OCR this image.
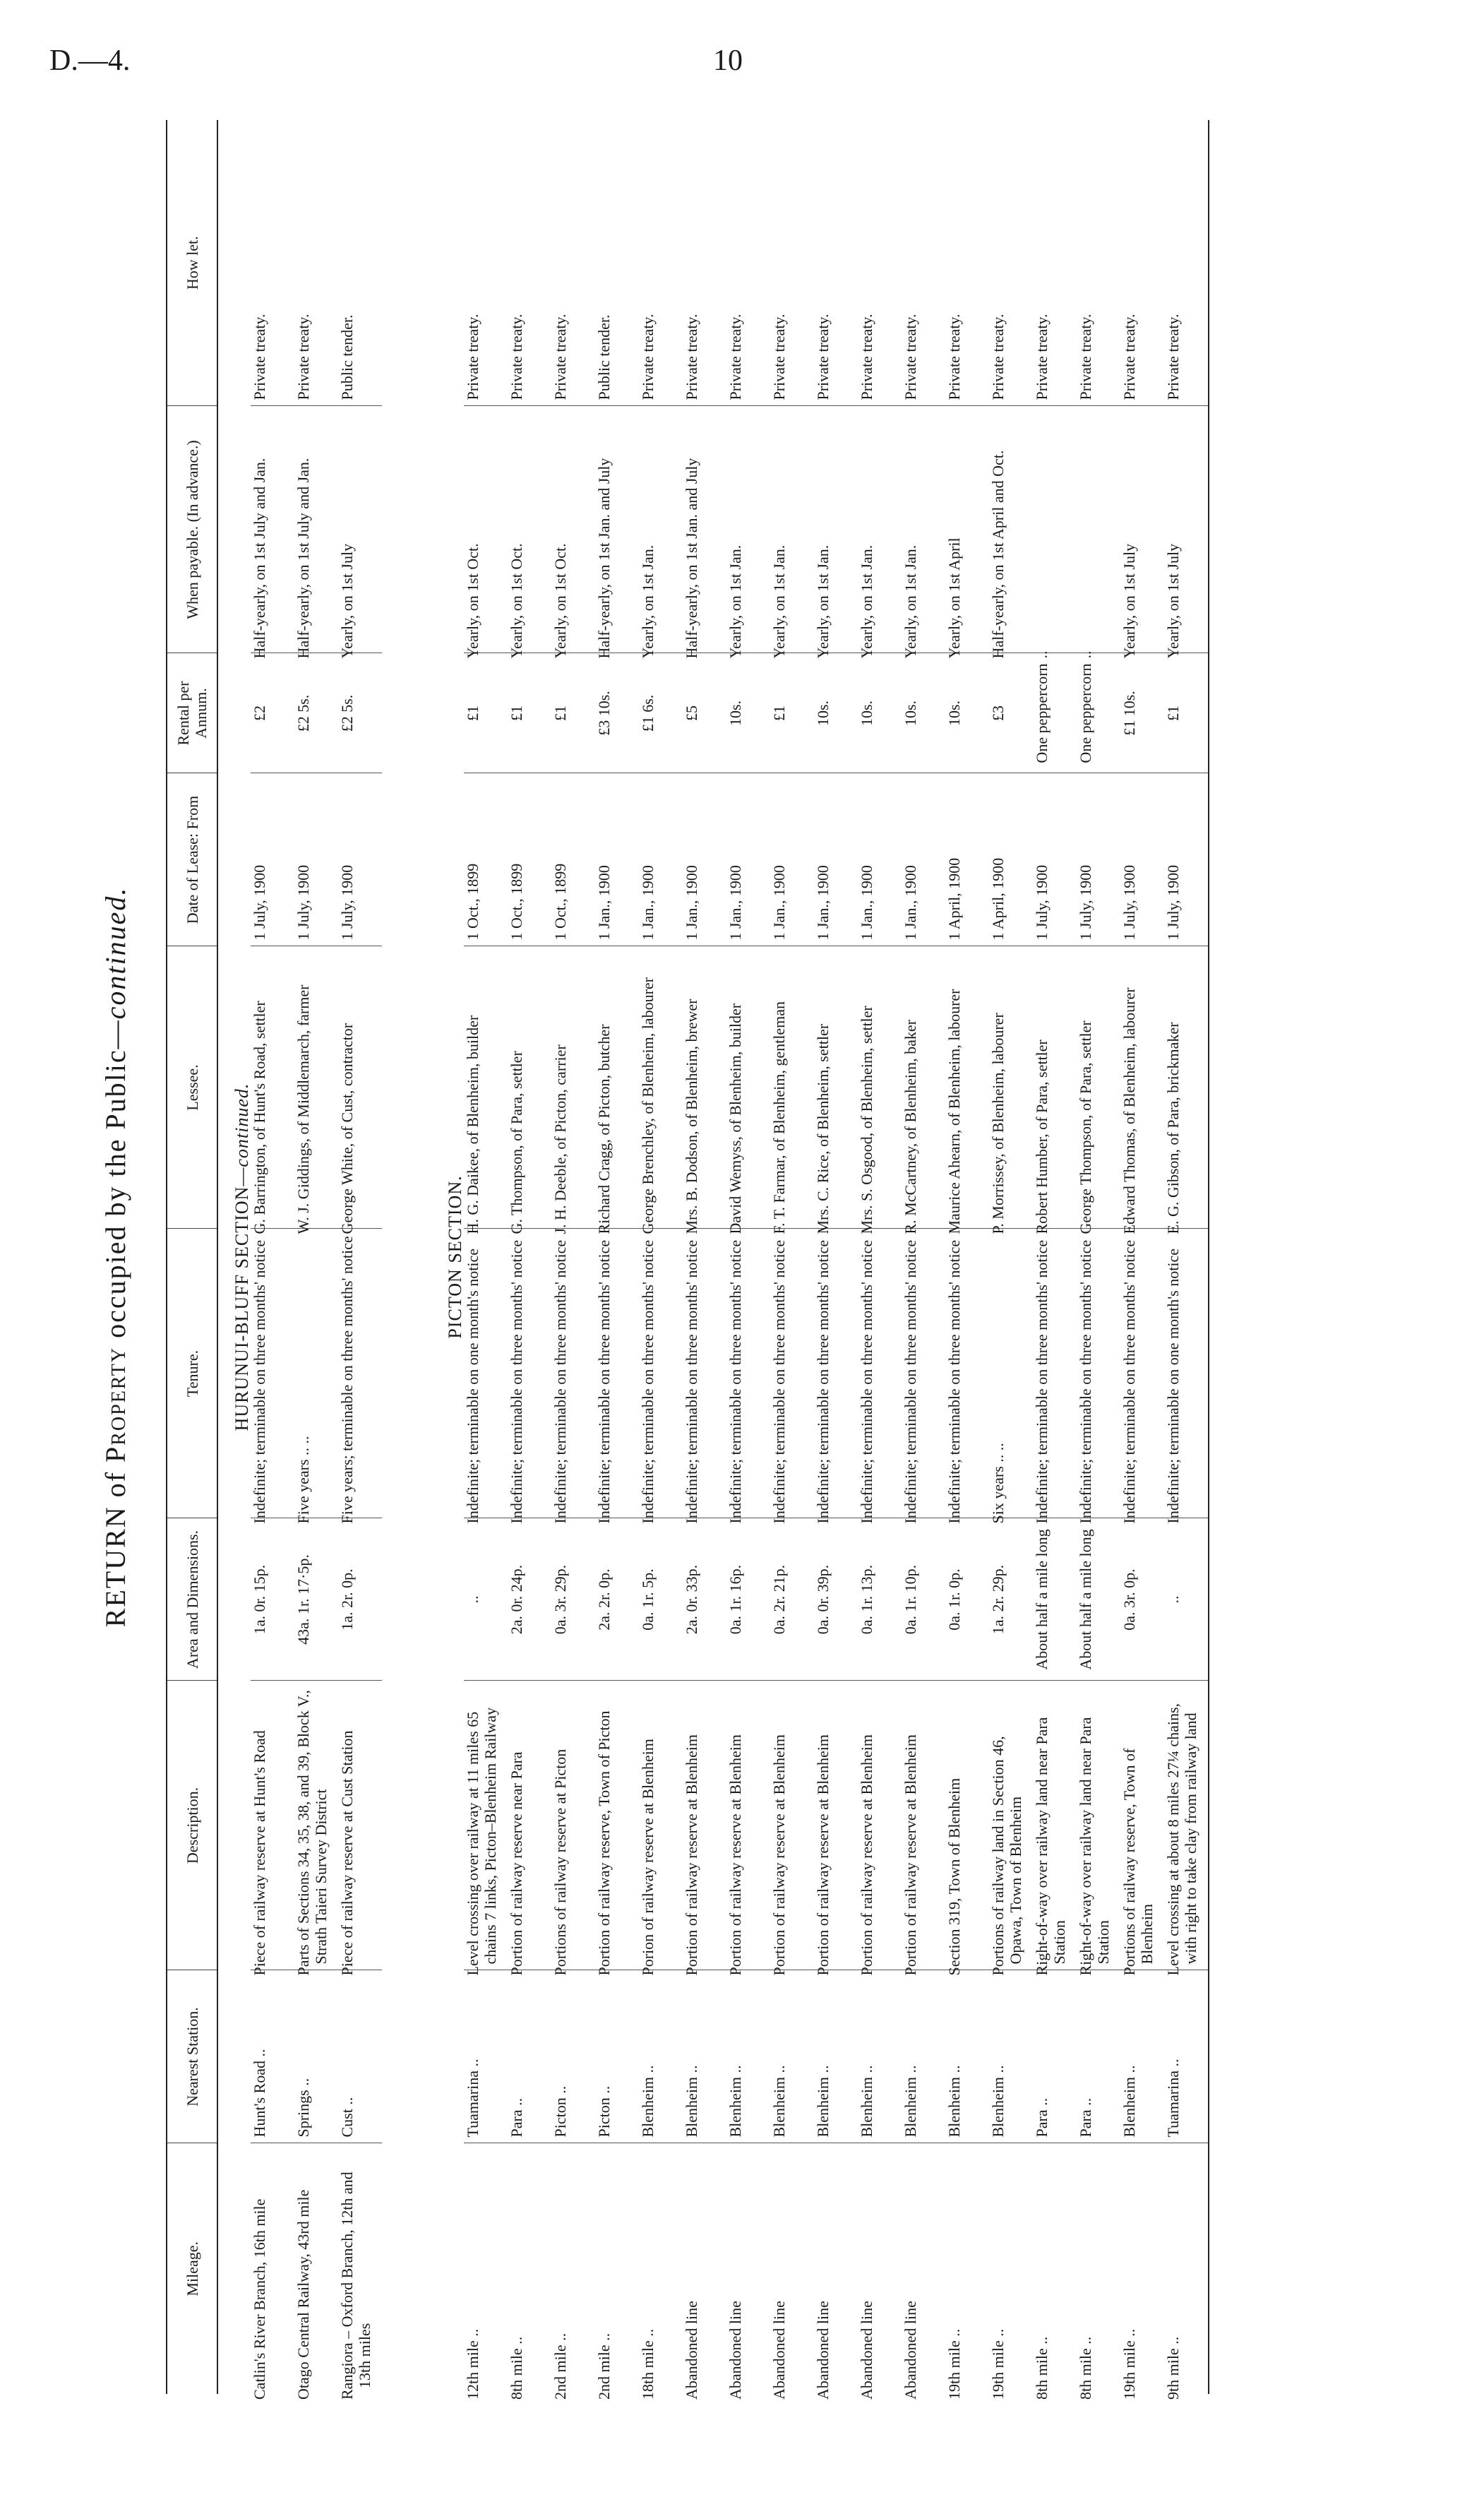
D.—4.	10
RETURN of Property occupied by the Public—continued.
Mileage.	Nearest Station.	Description.	Area and Dimensions.	Tenure.	Lessee.	Date of Lease: From	Rental per Annum.	When payable. (In advance.)	How let.
HURUNUI-BLUFF SECTION—continued.									
Catlin's River Branch, 16th mile	Hunt's Road ..	Piece of railway reserve at Hunt's Road	1a. 0r. 15p.	Indefinite; terminable on three months' notice	G. Barrington, of Hunt's Road, settler	1 July, 1900	£2	Half-yearly, on 1st July and Jan.	Private treaty.
Otago Central Railway, 43rd mile	Springs ..	Parts of Sections 34, 35, 38, and 39, Block V., Strath Taieri Survey District	43a. 1r. 17·5p.	Five years .. ..	W. J. Giddings, of Middlemarch, farmer	1 July, 1900	£2 5s.	Half-yearly, on 1st July and Jan.	Private treaty.
Rangiora – Oxford Branch, 12th and 13th miles	Cust ..	Piece of railway reserve at Cust Station	1a. 2r. 0p.	Five years; terminable on three months' notice	George White, of Cust, contractor	1 July, 1900	£2 5s.	Yearly, on 1st July	Public tender.

PICTON SECTION.									
12th mile ..	Tuamarina ..	Level crossing over railway at 11 miles 65 chains 7 links, Picton–Blenheim Railway	..	Indefinite; terminable on one month's notice	H. G. Daikee, of Blenheim, builder	1 Oct., 1899	£1	Yearly, on 1st Oct.	Private treaty.
8th mile ..	Para ..	Portion of railway reserve near Para	2a. 0r. 24p.	Indefinite; terminable on three months' notice	G. Thompson, of Para, settler	1 Oct., 1899	£1	Yearly, on 1st Oct.	Private treaty.
2nd mile ..	Picton ..	Portions of railway reserve at Picton	0a. 3r. 29p.	Indefinite; terminable on three months' notice	J. H. Deeble, of Picton, carrier	1 Oct., 1899	£1	Yearly, on 1st Oct.	Private treaty.
2nd mile ..	Picton ..	Portion of railway reserve, Town of Picton	2a. 2r. 0p.	Indefinite; terminable on three months' notice	Richard Cragg, of Picton, butcher	1 Jan., 1900	£3 10s.	Half-yearly, on 1st Jan. and July	Public tender.
18th mile ..	Blenheim ..	Porion of railway reserve at Blenheim	0a. 1r. 5p.	Indefinite; terminable on three months' notice	George Brenchley, of Blenheim, labourer	1 Jan., 1900	£1 6s.	Yearly, on 1st Jan.	Private treaty.
Abandoned line	Blenheim ..	Portion of railway reserve at Blenheim	2a. 0r. 33p.	Indefinite; terminable on three months' notice	Mrs. B. Dodson, of Blenheim, brewer	1 Jan., 1900	£5	Half-yearly, on 1st Jan. and July	Private treaty.
Abandoned line	Blenheim ..	Portion of railway reserve at Blenheim	0a. 1r. 16p.	Indefinite; terminable on three months' notice	David Wemyss, of Blenheim, builder	1 Jan., 1900	10s.	Yearly, on 1st Jan.	Private treaty.
Abandoned line	Blenheim ..	Portion of railway reserve at Blenheim	0a. 2r. 21p.	Indefinite; terminable on three months' notice	F. T. Farmar, of Blenheim, gentleman	1 Jan., 1900	£1	Yearly, on 1st Jan.	Private treaty.
Abandoned line	Blenheim ..	Portion of railway reserve at Blenheim	0a. 0r. 39p.	Indefinite; terminable on three months' notice	Mrs. C. Rice, of Blenheim, settler	1 Jan., 1900	10s.	Yearly, on 1st Jan.	Private treaty.
Abandoned line	Blenheim ..	Portion of railway reserve at Blenheim	0a. 1r. 13p.	Indefinite; terminable on three months' notice	Mrs. S. Osgood, of Blenheim, settler	1 Jan., 1900	10s.	Yearly, on 1st Jan.	Private treaty.
Abandoned line	Blenheim ..	Portion of railway reserve at Blenheim	0a. 1r. 10p.	Indefinite; terminable on three months' notice	R. McCartney, of Blenheim, baker	1 Jan., 1900	10s.	Yearly, on 1st Jan.	Private treaty.
19th mile ..	Blenheim ..	Section 319, Town of Blenheim	0a. 1r. 0p.	Indefinite; terminable on three months' notice	Maurice Ahearn, of Blenheim, labourer	1 April, 1900	10s.	Yearly, on 1st April	Private treaty.
19th mile ..	Blenheim ..	Portions of railway land in Section 46, Opawa, Town of Blenheim	1a. 2r. 29p.	Six years .. ..	P. Morrissey, of Blenheim, labourer	1 April, 1900	£3	Half-yearly, on 1st April and Oct.	Private treaty.
8th mile ..	Para ..	Right-of-way over railway land near Para Station	About half a mile long	Indefinite; terminable on three months' notice	Robert Humber, of Para, settler	1 July, 1900	One peppercorn	..	Private treaty.
8th mile ..	Para ..	Right-of-way over railway land near Para Station	About half a mile long	Indefinite; terminable on three months' notice	George Thompson, of Para, settler	1 July, 1900	One peppercorn	..	Private treaty.
19th mile ..	Blenheim ..	Portions of railway reserve, Town of Blenheim	0a. 3r. 0p.	Indefinite; terminable on three months' notice	Edward Thomas, of Blenheim, labourer	1 July, 1900	£1 10s.	Yearly, on 1st July	Private treaty.
9th mile ..	Tuamarina ..	Level crossing at about 8 miles 27¼ chains, with right to take clay from railway land	..	Indefinite; terminable on one month's notice	E. G. Gibson, of Para, brickmaker	1 July, 1900	£1	Yearly, on 1st July	Private treaty.
